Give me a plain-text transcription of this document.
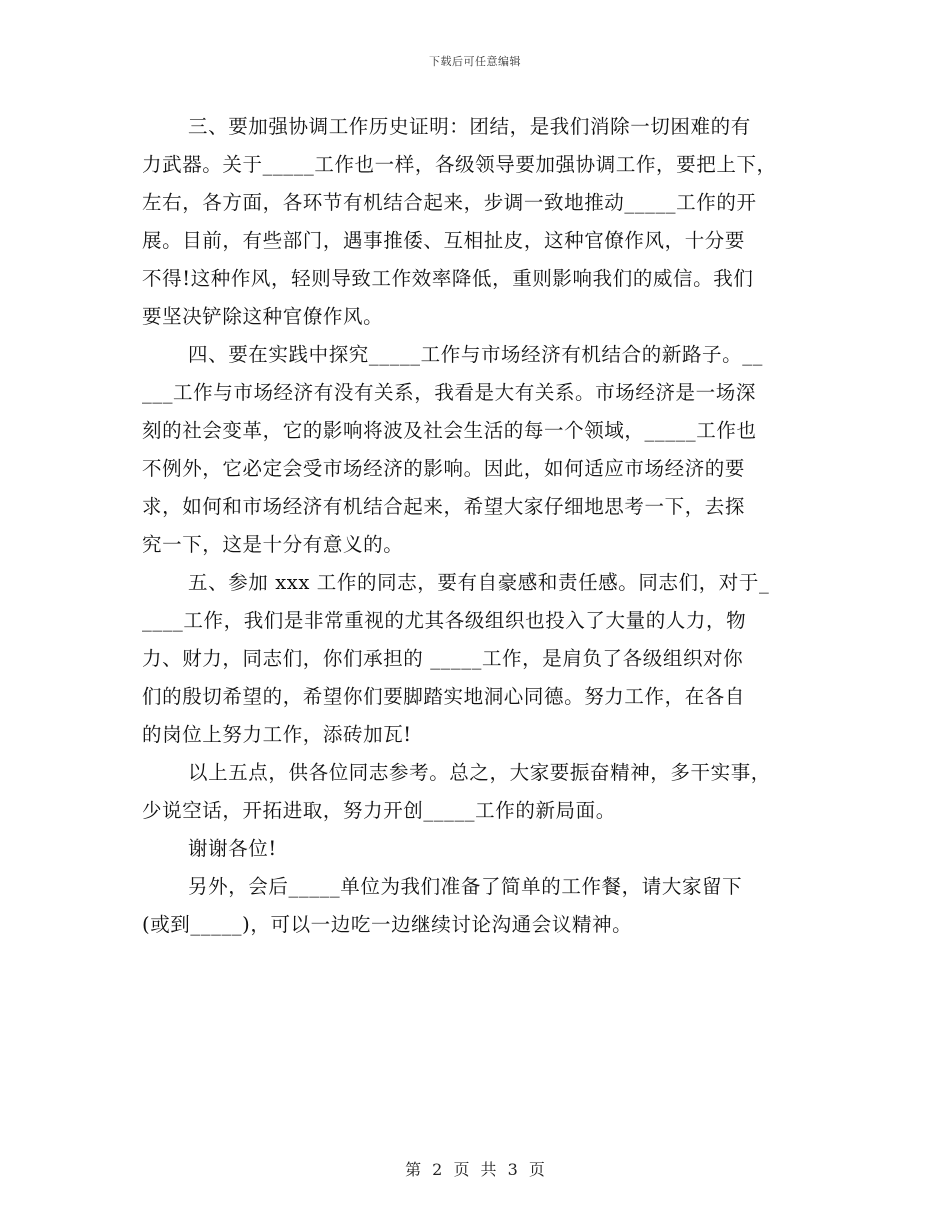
下载后可任意编辑
三、要加强协调工作历史证明：团结，是我们消除一切困难的有
力武器。关于_____工作也一样，各级领导要加强协调工作，要把上下，
左右，各方面，各环节有机结合起来，步调一致地推动_____工作的开
展。目前，有些部门，遇事推倭、互相扯皮，这种官僚作风，十分要
不得!这种作风，轻则导致工作效率降低，重则影响我们的威信。我们
要坚决铲除这种官僚作风。
四、要在实践中探究_____工作与市场经济有机结合的新路子。__
___工作与市场经济有没有关系，我看是大有关系。市场经济是一场深
刻的社会变革，它的影响将波及社会生活的每一个领域，_____工作也
不例外，它必定会受市场经济的影响。因此，如何适应市场经济的要
求，如何和市场经济有机结合起来，希望大家仔细地思考一下，去探
究一下，这是十分有意义的。
五、参加 xxx 工作的同志，要有自豪感和责任感。同志们，对于_
____工作，我们是非常重视的尤其各级组织也投入了大量的人力，物
力、财力，同志们，你们承担的 _____工作，是肩负了各级组织对你
们的殷切希望的，希望你们要脚踏实地洞心同德。努力工作，在各自
的岗位上努力工作，添砖加瓦!
以上五点，供各位同志参考。总之，大家要振奋精神，多干实事，
少说空话，开拓进取，努力开创_____工作的新局面。
谢谢各位!
另外，会后_____单位为我们准备了简单的工作餐，请大家留下
(或到_____)，可以一边吃一边继续讨论沟通会议精神。
第 2 页 共 3 页
